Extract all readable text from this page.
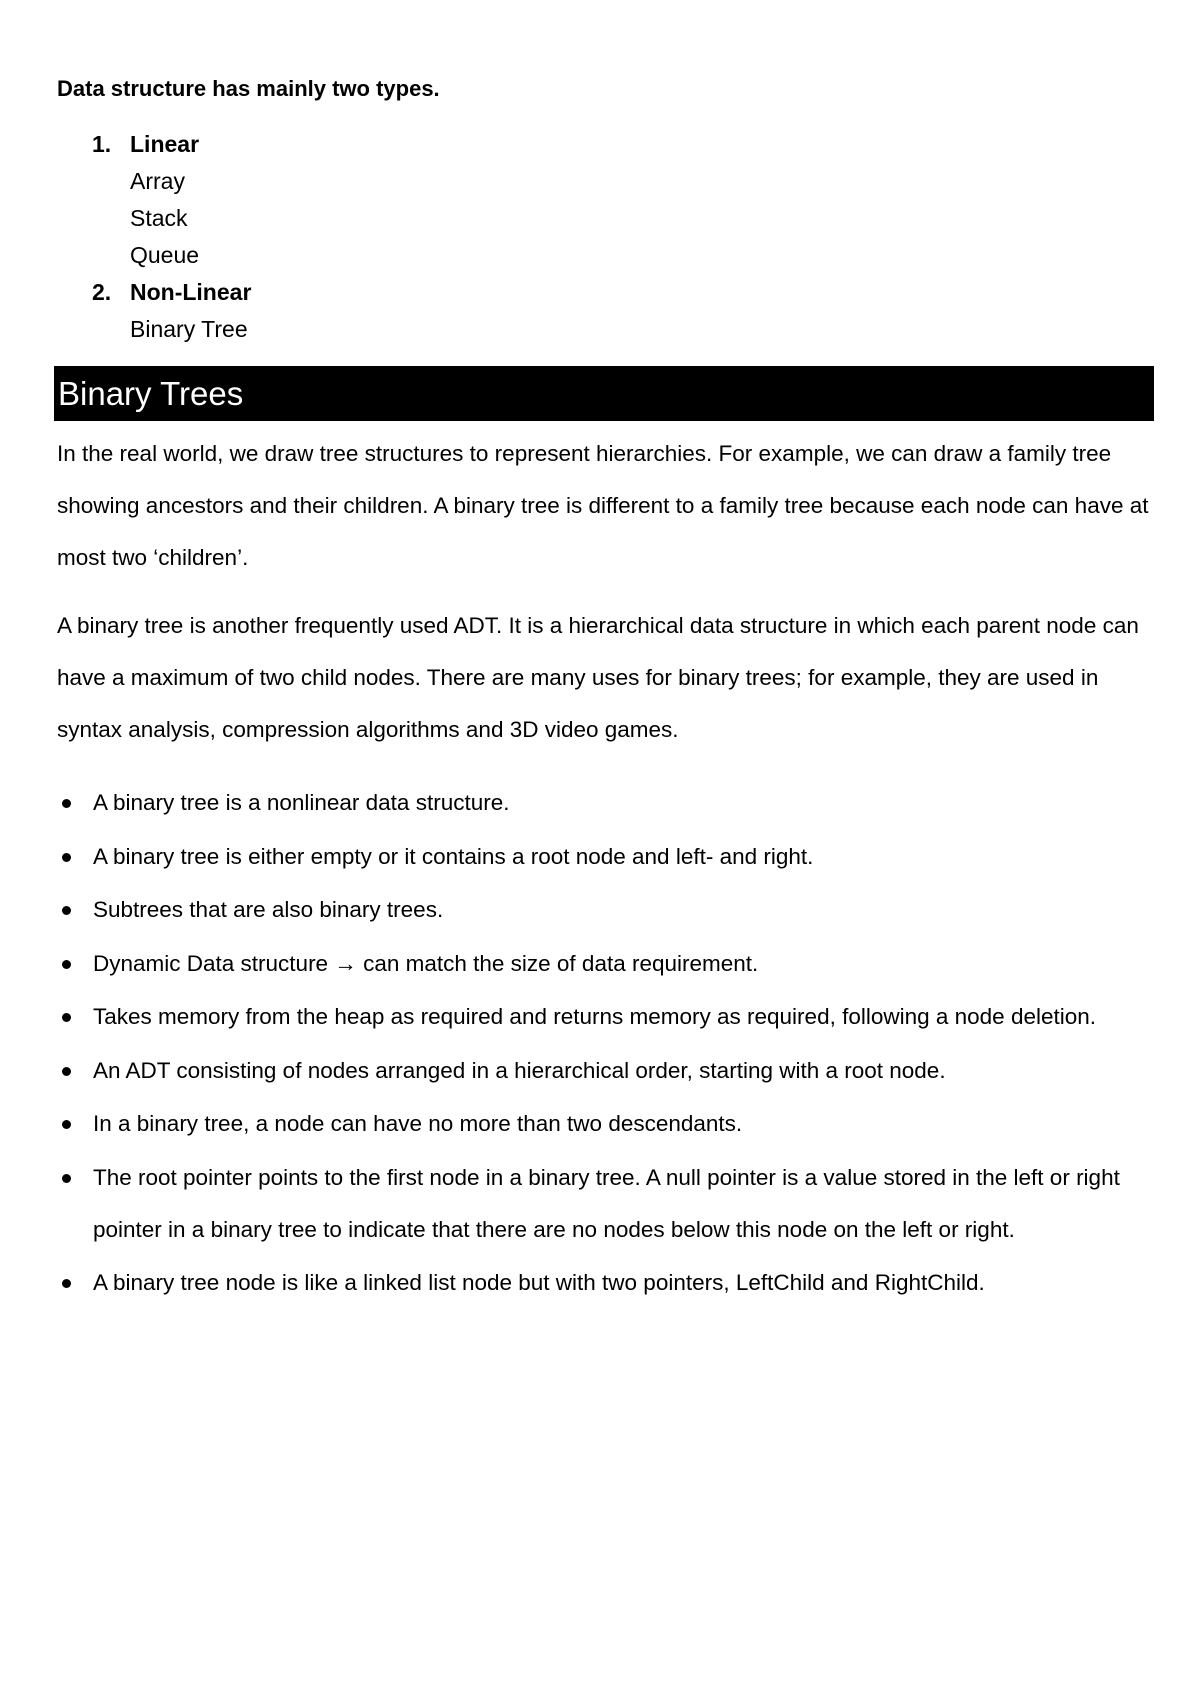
Data structure has mainly two types.
1. Linear
Array
Stack
Queue
2. Non-Linear
Binary Tree
Binary Trees

In the real world, we draw tree structures to represent hierarchies. For example, we can draw a family tree showing ancestors and their children. A binary tree is different to a family tree because each node can have at most two ‘children’.

A binary tree is another frequently used ADT. It is a hierarchical data structure in which each parent node can have a maximum of two child nodes. There are many uses for binary trees; for example, they are used in syntax analysis, compression algorithms and 3D video games.

A binary tree is a nonlinear data structure.
A binary tree is either empty or it contains a root node and left- and right.
Subtrees that are also binary trees.
Dynamic Data structure → can match the size of data requirement.
Takes memory from the heap as required and returns memory as required, following a node deletion.
An ADT consisting of nodes arranged in a hierarchical order, starting with a root node.
In a binary tree, a node can have no more than two descendants.
The root pointer points to the first node in a binary tree. A null pointer is a value stored in the left or right pointer in a binary tree to indicate that there are no nodes below this node on the left or right.
A binary tree node is like a linked list node but with two pointers, LeftChild and RightChild.
